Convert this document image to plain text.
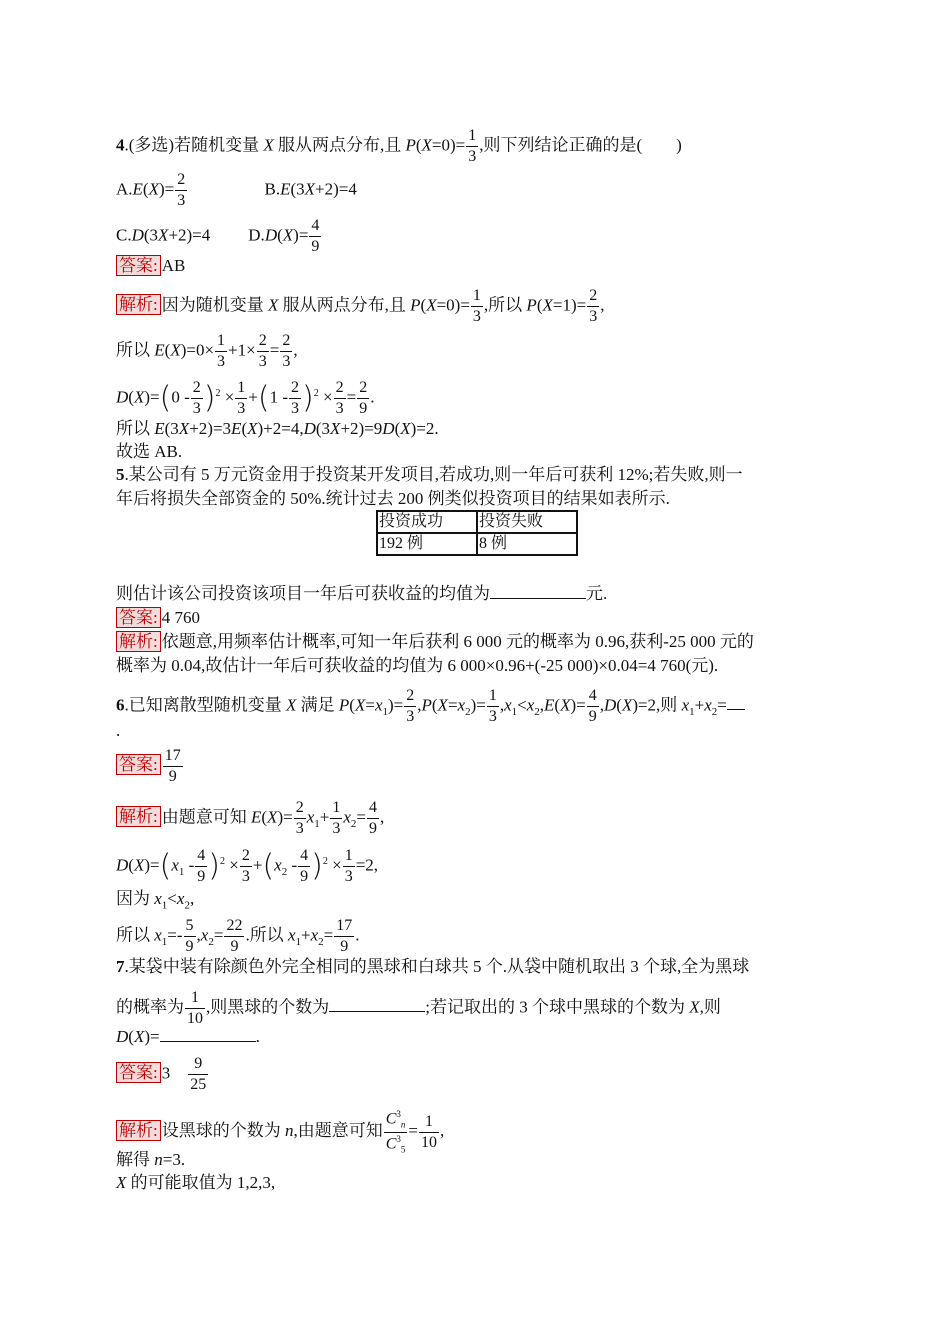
4.(多选)若随机变量 X 服从两点分布,且 $P(X=0)= \frac{1}{3}$ ,则下列结论正确的是(　　)
$A.E(X)= \frac{2}{3}$	B.E(3X+2)=4
C.D(3X+2)=4 $D.D(X)= \frac{4}{9}$
答案: AB
解析: 因为随机变量 X 服从两点分布,且 $P(X=0)= \frac{1}{3}$ ,所以 $P(X=1)= \frac{2}{3}$ ,
所以 $E(X)=0\times \frac{1}{3} +1\times \frac{2}{3} = \frac{2}{3}$ ,
$D(X)=(0 - \frac{2}{3} )^2 \times \frac{1}{3} +(1 - \frac{2}{3} )^2 \times \frac{2}{3} = \frac{2}{9}$ .
所以 E(3X+2)=3E(X)+2=4,D(3X+2)=9D(X)=2.
故选 AB.
5.某公司有 5 万元资金用于投资某开发项目,若成功,则一年后可获利 12%;若失败,则一
年后将损失全部资金的 50%.统计过去 200 例类似投资项目的结果如表所示.
投资成功	投资失败
192 例	8 例
则估计该公司投资该项目一年后可获收益的均值为	元.
答案: 4 760
解析: 依题意,用频率估计概率,可知一年后获利 6 000 元的概率为 0.96,获利-25 000 元的
概率为 0.04,故估计一年后可获收益的均值为 6 000×0.96+(-25 000)×0.04=4 760(元).
6.已知离散型随机变量 X 满足 $P(X=x_1)= \frac{2}{3} ,P(X=x_2)= \frac{1}{3} ,x_1<x_2,E(X)= \frac{4}{9} ,D(X)=2$,则 $x_1+x_2=$
.
答案: $\frac{17}{9}$
解析: 由题意可知 $E(X)= \frac{2}{3} x_1+ \frac{1}{3} x_2= \frac{4}{9}$ ,
$D(X)=(x_1 - \frac{4}{9} )^2 \times \frac{2}{3} +(x_2 - \frac{4}{9} )^2 \times \frac{1}{3} =2$,
因为 $x_1<x_2$,
所以 $x_1=- \frac{5}{9} ,x_2= \frac{22}{9}$ .所以 $x_1+x_2= \frac{17}{9}$ .
7.某袋中装有除颜色外完全相同的黑球和白球共 5 个.从袋中随机取出 3 个球,全为黑球
的概率为 $\frac{1}{10}$ ,则黑球的个数为	;若记取出的 3 个球中黑球的个数为 X,则
D(X)=	.
答案: 3　 $\frac{9}{25}$
解析: 设黑球的个数为 n,由题意可知 $\frac{C^3_n}{C^3_5} = \frac{1}{10}$ ,
解得 n=3.
X 的可能取值为 1,2,3,
